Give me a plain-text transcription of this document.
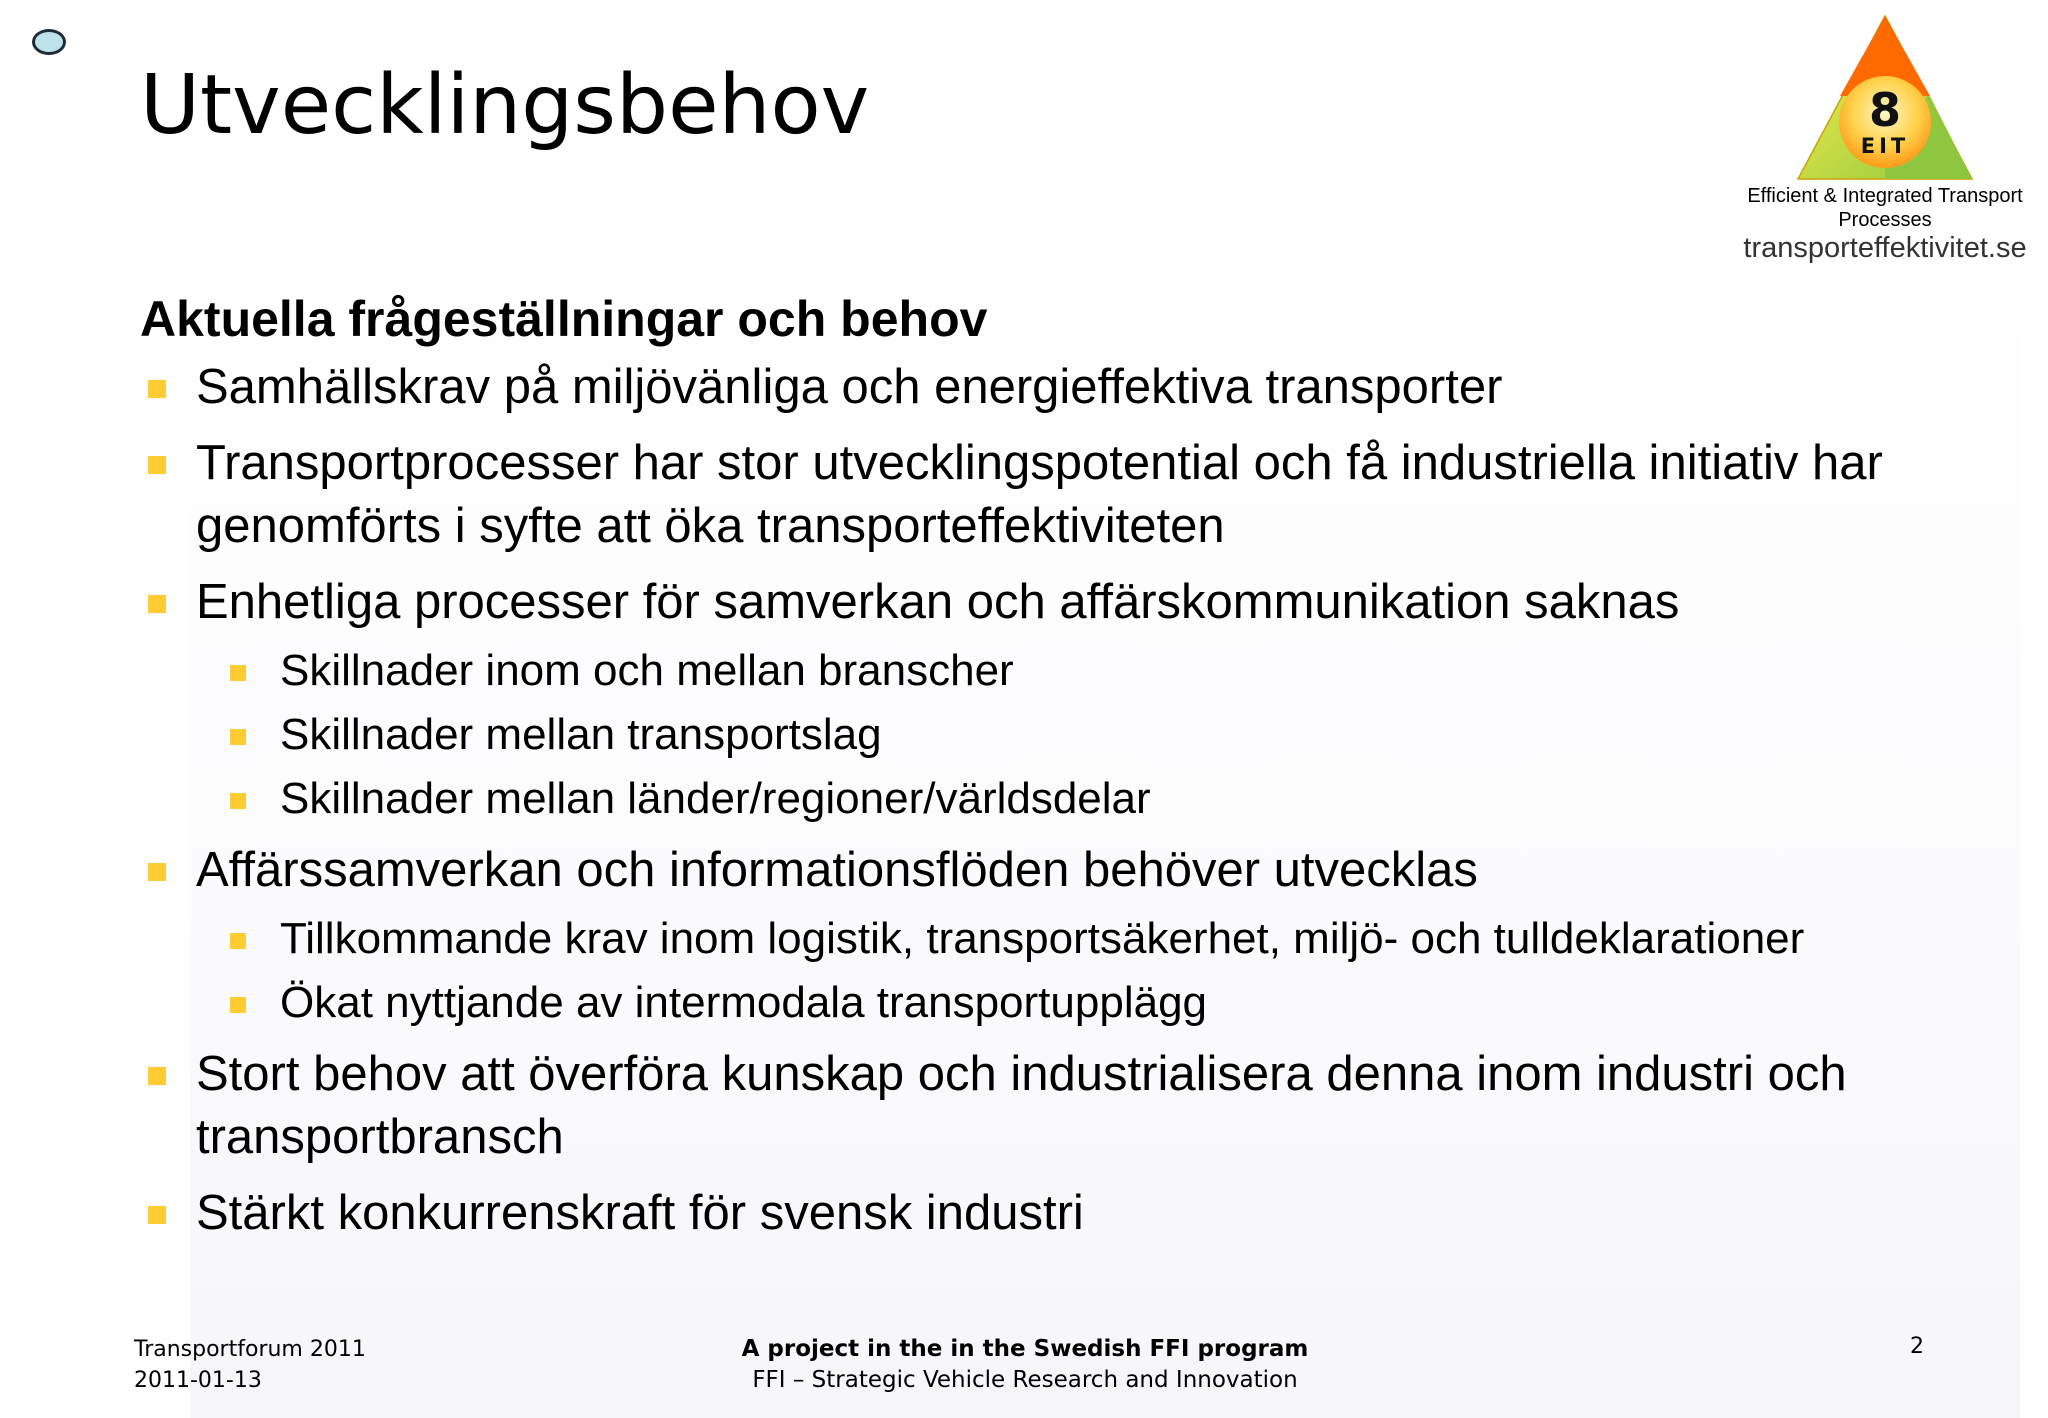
Utvecklingsbehov	8
EIT
Efficient & Integrated Transport Processes
transporteffektivitet.se
Aktuella frågeställningar och behov
Samhällskrav på miljövänliga och energieffektiva transporter
Transportprocesser har stor utvecklingspotential och få industriella initiativ har genomförts i syfte att öka transporteffektiviteten
Enhetliga processer för samverkan och affärskommunikation saknas
Skillnader inom och mellan branscher
Skillnader mellan transportslag
Skillnader mellan länder/regioner/världsdelar
Affärssamverkan och informationsflöden behöver utvecklas
Tillkommande krav inom logistik, transportsäkerhet, miljö- och tulldeklarationer
Ökat nyttjande av intermodala transportupplägg
Stort behov att överföra kunskap och industrialisera denna inom industri och transportbransch
Stärkt konkurrenskraft för svensk industri
Transportforum 2011
2011-01-13
A project in the in the Swedish FFI program
FFI – Strategic Vehicle Research and Innovation
2
